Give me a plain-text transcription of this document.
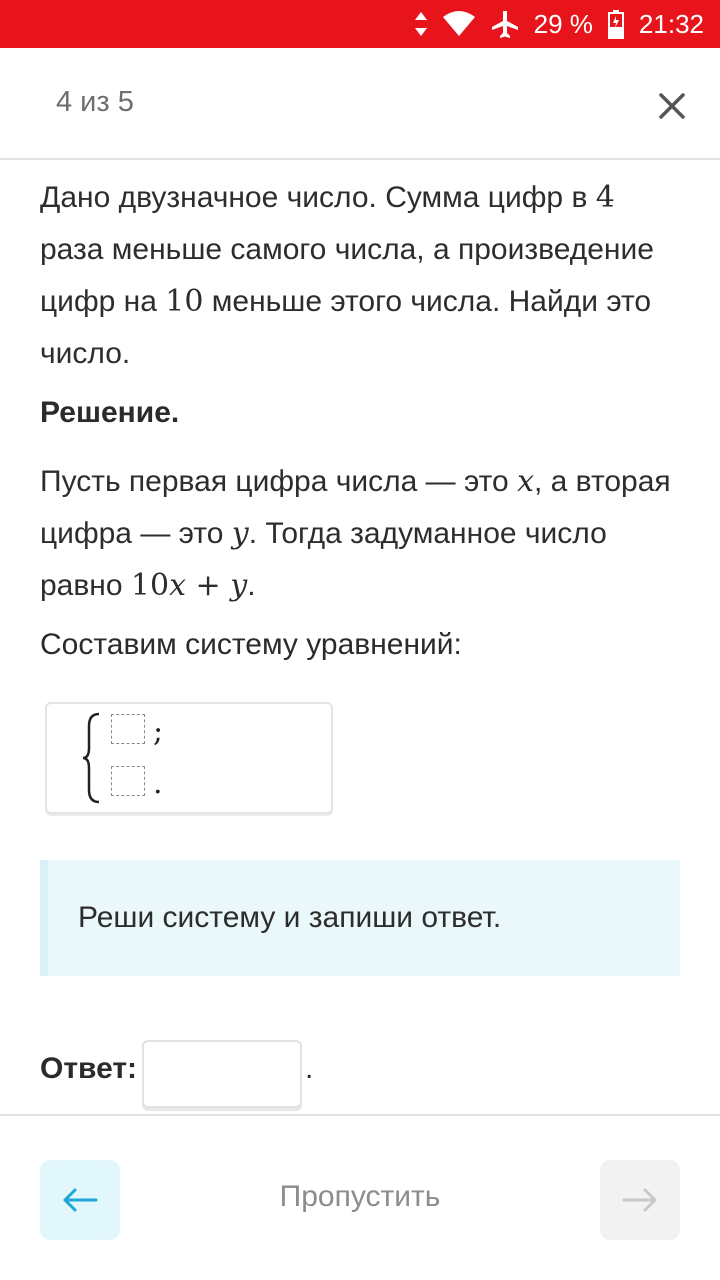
29 % 21:32
4 из 5
Дано двузначное число. Сумма цифр в 4 раза меньше самого числа, а произведение цифр на 10 меньше этого числа. Найди это число.
Решение.
Пусть первая цифра числа — это x, а вторая цифра — это y. Тогда задуманное число равно 10x + y.
Составим систему уравнений:
;
.
Реши систему и запиши ответ.
Ответ:	.
Пропустить
